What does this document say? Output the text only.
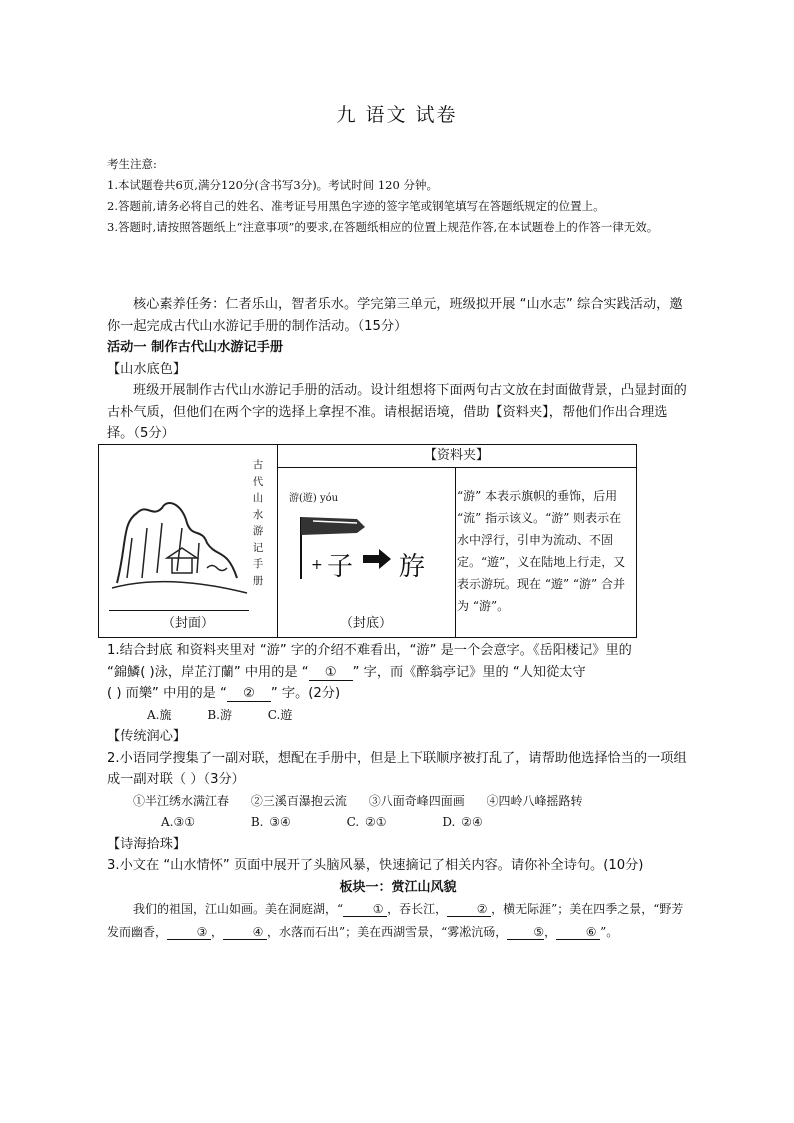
九 语文 试卷

考生注意:

1.本试题卷共6页,满分120分(含书写3分)。考试时间 120 分钟。

2.答题前,请务必将自己的姓名、准考证号用黑色字迹的签字笔或钢笔填写在答题纸规定的位置上。

3.答题时,请按照答题纸上“注意事项”的要求,在答题纸相应的位置上规范作答,在本试题卷上的作答一律无效。

核心素养任务：仁者乐山，智者乐水。学完第三单元，班级拟开展 “山水志” 综合实践活动，邀你一起完成古代山水游记手册的制作活动。（15分）

活动一 制作古代山水游记手册

【山水底色】

班级开展制作古代山水游记手册的活动。设计组想将下面两句古文放在封面做背景，凸显封面的古朴气质，但他们在两个字的选择上拿捏不准。请根据语境，借助【资料夹】，帮他们作出合理选择。（5分）

古代山水游记手册
（封面）
【资料夹】
游(遊) yóu
+ 子 斿
（封底）
“游” 本表示旗帜的垂饰，后用 “流” 指示该义。“游” 则表示在水中浮行，引申为流动、不固定。“遊”，义在陆地上行走，又表示游玩。现在 “遊” “游” 合并为 “游”。

1.结合封底 和资料夹里对 “游” 字的介绍不难看出，“游” 是一个会意字。《岳阳楼记》里的

“錦鱗( )泳，岸芷汀蘭” 中用的是 “ ① ” 字，而《醉翁亭记》里的 “人知從太守

( ) 而樂” 中用的是 “ ② ” 字。(2分)

A.旒	B.游	C.遊

【传统润心】

2.小语同学搜集了一副对联，想配在手册中，但是上下联顺序被打乱了，请帮助他选择恰当的一项组成一副对联（ ）（3分）

①半江绣水满江春 ②三溪百瀑抱云流 ③八面奇峰四面画 ④四岭八峰摇路转

A.③①	B. ③④	C. ②①	D. ②④

【诗海拾珠】

3.小文在 “山水情怀” 页面中展开了头脑风暴，快速摘记了相关内容。请你补全诗句。(10分)

板块一：赏江山风貌

我们的祖国，江山如画。美在洞庭湖，“ ① ，吞长江， ② ，横无际涯”；美在四季之景，“野芳发而幽香， ③ ， ④ ，水落而石出”；美在西湖雪景，“雾凇沆砀， ⑤， ⑥ ”。
